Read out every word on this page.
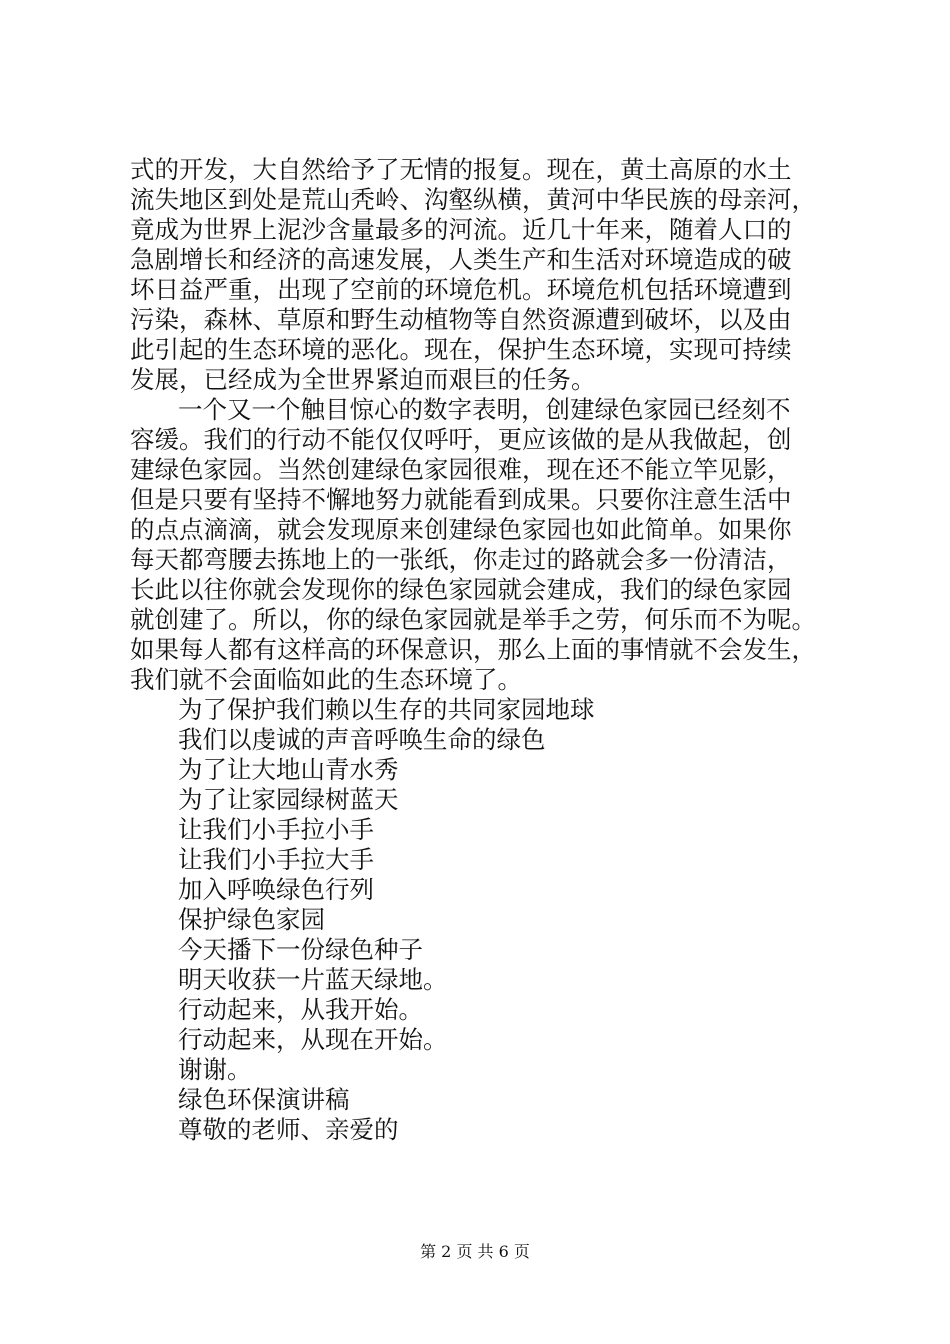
式的开发，大自然给予了无情的报复。现在，黄土高原的水土
流失地区到处是荒山秃岭、沟壑纵横，黄河中华民族的母亲河，
竟成为世界上泥沙含量最多的河流。近几十年来，随着人口的
急剧增长和经济的高速发展，人类生产和生活对环境造成的破
坏日益严重，出现了空前的环境危机。环境危机包括环境遭到
污染，森林、草原和野生动植物等自然资源遭到破坏，以及由
此引起的生态环境的恶化。现在，保护生态环境，实现可持续
发展，已经成为全世界紧迫而艰巨的任务。
一个又一个触目惊心的数字表明，创建绿色家园已经刻不
容缓。我们的行动不能仅仅呼吁，更应该做的是从我做起，创
建绿色家园。当然创建绿色家园很难，现在还不能立竿见影，
但是只要有坚持不懈地努力就能看到成果。只要你注意生活中
的点点滴滴，就会发现原来创建绿色家园也如此简单。如果你
每天都弯腰去拣地上的一张纸，你走过的路就会多一份清洁，
长此以往你就会发现你的绿色家园就会建成，我们的绿色家园
就创建了。所以，你的绿色家园就是举手之劳，何乐而不为呢。
如果每人都有这样高的环保意识，那么上面的事情就不会发生，
我们就不会面临如此的生态环境了。
为了保护我们赖以生存的共同家园地球
我们以虔诚的声音呼唤生命的绿色
为了让大地山青水秀
为了让家园绿树蓝天
让我们小手拉小手
让我们小手拉大手
加入呼唤绿色行列
保护绿色家园
今天播下一份绿色种子
明天收获一片蓝天绿地。
行动起来，从我开始。
行动起来，从现在开始。
谢谢。
绿色环保演讲稿
尊敬的老师、亲爱的
第 2 页 共 6 页
